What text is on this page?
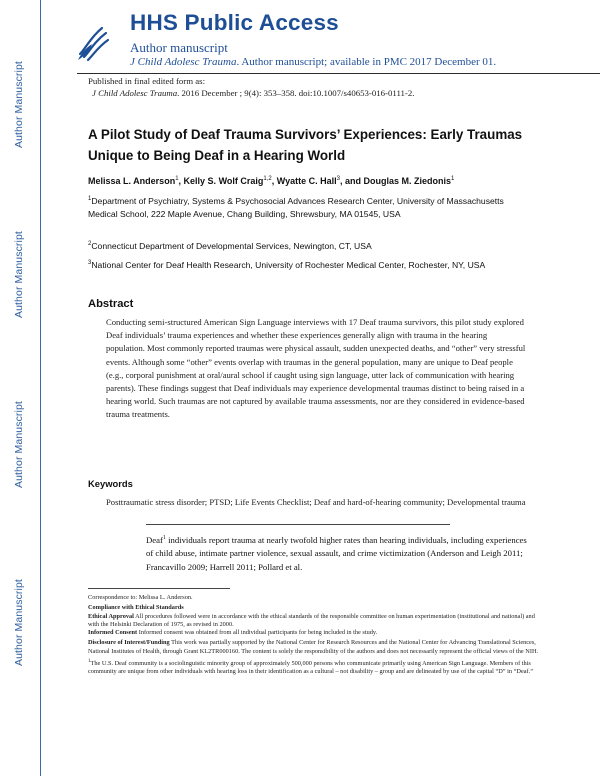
Author Manuscript
Author Manuscript
Author Manuscript
Author Manuscript
HHS Public Access
Author manuscript
J Child Adolesc Trauma. Author manuscript; available in PMC 2017 December 01.
Published in final edited form as:
J Child Adolesc Trauma. 2016 December ; 9(4): 353–358. doi:10.1007/s40653-016-0111-2.
A Pilot Study of Deaf Trauma Survivors’ Experiences: Early Traumas Unique to Being Deaf in a Hearing World
Melissa L. Anderson$^1$, Kelly S. Wolf Craig$^{1,2}$, Wyatte C. Hall$^3$, and Douglas M. Ziedonis$^1$
$^1$Department of Psychiatry, Systems & Psychosocial Advances Research Center, University of Massachusetts Medical School, 222 Maple Avenue, Chang Building, Shrewsbury, MA 01545, USA
$^2$Connecticut Department of Developmental Services, Newington, CT, USA
$^3$National Center for Deaf Health Research, University of Rochester Medical Center, Rochester, NY, USA
Abstract
Conducting semi-structured American Sign Language interviews with 17 Deaf trauma survivors, this pilot study explored Deaf individuals’ trauma experiences and whether these experiences generally align with trauma in the hearing population. Most commonly reported traumas were physical assault, sudden unexpected deaths, and “other” very stressful events. Although some “other” events overlap with traumas in the general population, many are unique to Deaf people (e.g., corporal punishment at oral/aural school if caught using sign language, utter lack of communication with hearing parents). These findings suggest that Deaf individuals may experience developmental traumas distinct to being raised in a hearing world. Such traumas are not captured by available trauma assessments, nor are they considered in evidence-based trauma treatments.
Keywords
Posttraumatic stress disorder; PTSD; Life Events Checklist; Deaf and hard-of-hearing community; Developmental trauma
Deaf$^1$ individuals report trauma at nearly twofold higher rates than hearing individuals, including experiences of child abuse, intimate partner violence, sexual assault, and crime victimization (Anderson and Leigh 2011; Francavillo 2009; Harrell 2011; Pollard et al.

Correspondence to: Melissa L. Anderson.

Compliance with Ethical Standards

Ethical Approval All procedures followed were in accordance with the ethical standards of the responsible committee on human experimentation (institutional and national) and with the Helsinki Declaration of 1975, as revised in 2000.

Informed Consent Informed consent was obtained from all individual participants for being included in the study.

Disclosure of Interest/Funding This work was partially supported by the National Center for Research Resources and the National Center for Advancing Translational Sciences, National Institutes of Health, through Grant KL2TR000160. The content is solely the responsibility of the authors and does not necessarily represent the official views of the NIH.

$^1$The U.S. Deaf community is a sociolinguistic minority group of approximately 500,000 persons who communicate primarily using American Sign Language. Members of this community are unique from other individuals with hearing loss in their identification as a cultural – not disability – group and are delineated by use of the capital “D” in “Deaf.”
